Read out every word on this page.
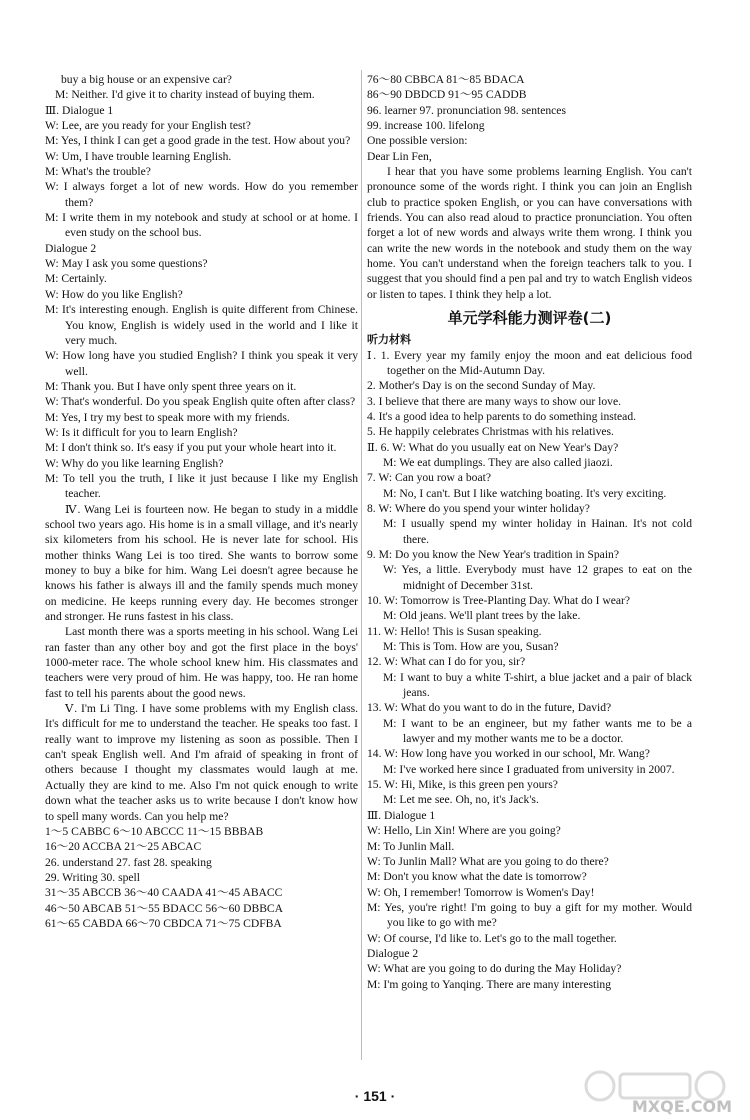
buy a big house or an expensive car?

M: Neither. I'd give it to charity instead of buying them.

Ⅲ. Dialogue 1

W: Lee, are you ready for your English test?

M: Yes, I think I can get a good grade in the test. How about you?

W: Um, I have trouble learning English.

M: What's the trouble?

W: I always forget a lot of new words. How do you remember them?

M: I write them in my notebook and study at school or at home. I even study on the school bus.

Dialogue 2

W: May I ask you some questions?

M: Certainly.

W: How do you like English?

M: It's interesting enough. English is quite different from Chinese. You know, English is widely used in the world and I like it very much.

W: How long have you studied English? I think you speak it very well.

M: Thank you. But I have only spent three years on it.

W: That's wonderful. Do you speak English quite often after class?

M: Yes, I try my best to speak more with my friends.

W: Is it difficult for you to learn English?

M: I don't think so. It's easy if you put your whole heart into it.

W: Why do you like learning English?

M: To tell you the truth, I like it just because I like my English teacher.

Ⅳ. Wang Lei is fourteen now. He began to study in a middle school two years ago. His home is in a small village, and it's nearly six kilometers from his school. He is never late for school. His mother thinks Wang Lei is too tired. She wants to borrow some money to buy a bike for him. Wang Lei doesn't agree because he knows his father is always ill and the family spends much money on medicine. He keeps running every day. He becomes stronger and stronger. He runs fastest in his class.

Last month there was a sports meeting in his school. Wang Lei ran faster than any other boy and got the first place in the boys' 1000-meter race. The whole school knew him. His classmates and teachers were very proud of him. He was happy, too. He ran home fast to tell his parents about the good news.

Ⅴ. I'm Li Ting. I have some problems with my English class. It's difficult for me to understand the teacher. He speaks too fast. I really want to improve my listening as soon as possible. Then I can't speak English well. And I'm afraid of speaking in front of others because I thought my classmates would laugh at me. Actually they are kind to me. Also I'm not quick enough to write down what the teacher asks us to write because I don't know how to spell many words. Can you help me?

1～5 CABBC 6～10 ABCCC 11～15 BBBAB

16～20 ACCBA 21～25 ABCAC

26. understand 27. fast 28. speaking

29. Writing 30. spell

31～35 ABCCB 36～40 CAADA 41～45 ABACC

46～50 ABCAB 51～55 BDACC 56～60 DBBCA

61～65 CABDA 66～70 CBDCA 71～75 CDFBA

76～80 CBBCA 81～85 BDACA

86～90 DBDCD 91～95 CADDB

96. learner 97. pronunciation 98. sentences

99. increase 100. lifelong

One possible version:

Dear Lin Fen,

I hear that you have some problems learning English. You can't pronounce some of the words right. I think you can join an English club to practice spoken English, or you can have conversations with friends. You can also read aloud to practice pronunciation. You often forget a lot of new words and always write them wrong. I think you can write the new words in the notebook and study them on the way home. You can't understand when the foreign teachers talk to you. I suggest that you should find a pen pal and try to watch English videos or listen to tapes. I think they help a lot.

单元学科能力测评卷(二)
听力材料

Ⅰ. 1. Every year my family enjoy the moon and eat delicious food together on the Mid-Autumn Day.

2. Mother's Day is on the second Sunday of May.

3. I believe that there are many ways to show our love.

4. It's a good idea to help parents to do something instead.

5. He happily celebrates Christmas with his relatives.

Ⅱ. 6. W: What do you usually eat on New Year's Day?

M: We eat dumplings. They are also called jiaozi.

7. W: Can you row a boat?

M: No, I can't. But I like watching boating. It's very exciting.

8. W: Where do you spend your winter holiday?

M: I usually spend my winter holiday in Hainan. It's not cold there.

9. M: Do you know the New Year's tradition in Spain?

W: Yes, a little. Everybody must have 12 grapes to eat on the midnight of December 31st.

10. W: Tomorrow is Tree-Planting Day. What do I wear?

M: Old jeans. We'll plant trees by the lake.

11. W: Hello! This is Susan speaking.

M: This is Tom. How are you, Susan?

12. W: What can I do for you, sir?

M: I want to buy a white T-shirt, a blue jacket and a pair of black jeans.

13. W: What do you want to do in the future, David?

M: I want to be an engineer, but my father wants me to be a lawyer and my mother wants me to be a doctor.

14. W: How long have you worked in our school, Mr. Wang?

M: I've worked here since I graduated from university in 2007.

15. W: Hi, Mike, is this green pen yours?

M: Let me see. Oh, no, it's Jack's.

Ⅲ. Dialogue 1

W: Hello, Lin Xin! Where are you going?

M: To Junlin Mall.

W: To Junlin Mall? What are you going to do there?

M: Don't you know what the date is tomorrow?

W: Oh, I remember! Tomorrow is Women's Day!

M: Yes, you're right! I'm going to buy a gift for my mother. Would you like to go with me?

W: Of course, I'd like to. Let's go to the mall together.

Dialogue 2

W: What are you going to do during the May Holiday?

M: I'm going to Yanqing. There are many interesting

· 151 ·
MXQE.COM
